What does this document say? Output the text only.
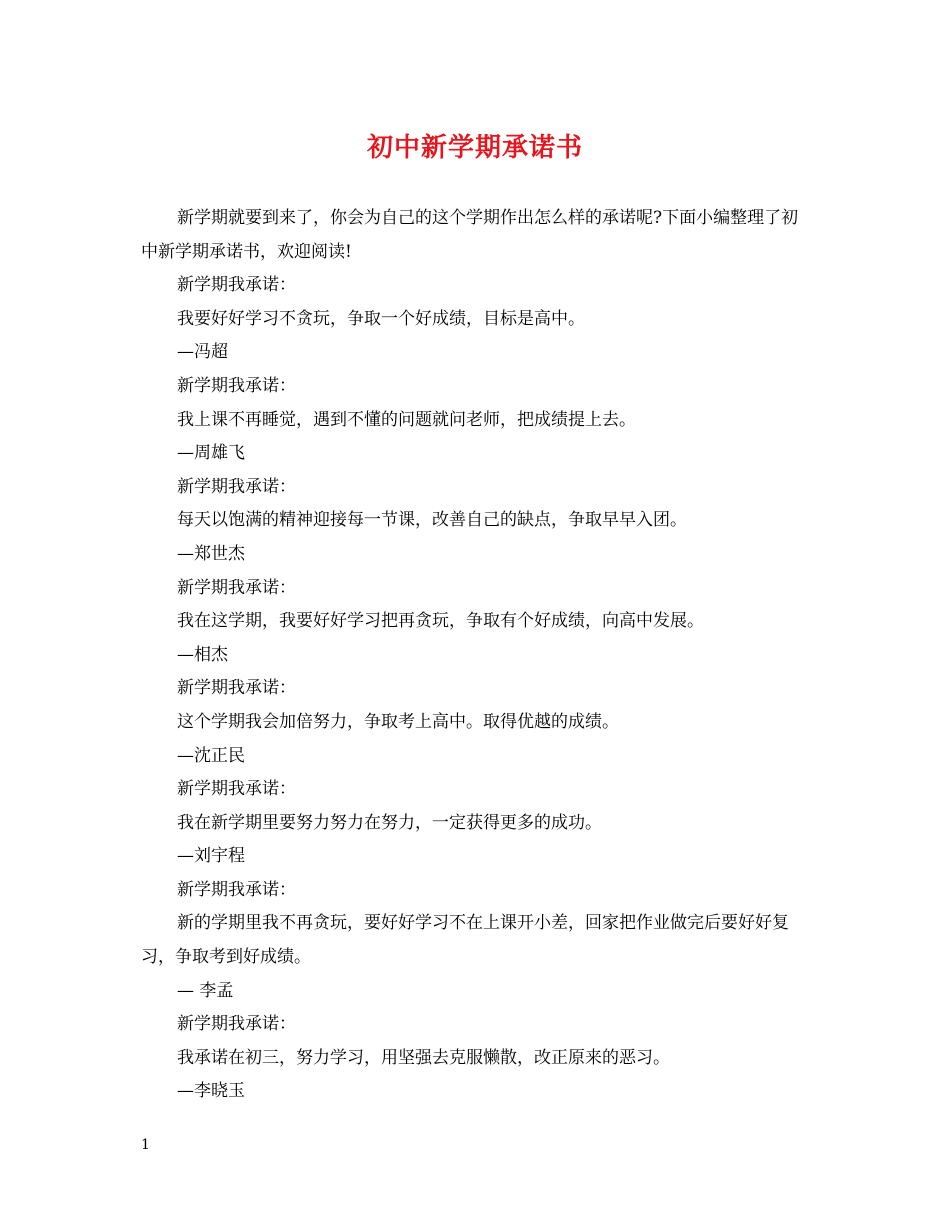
初中新学期承诺书

新学期就要到来了，你会为自己的这个学期作出怎么样的承诺呢?下面小编整理了初中新学期承诺书，欢迎阅读!

新学期我承诺：

我要好好学习不贪玩，争取一个好成绩，目标是高中。

—冯超

新学期我承诺：

我上课不再睡觉，遇到不懂的问题就问老师，把成绩提上去。

—周雄飞

新学期我承诺：

每天以饱满的精神迎接每一节课，改善自己的缺点，争取早早入团。

—郑世杰

新学期我承诺：

我在这学期，我要好好学习把再贪玩，争取有个好成绩，向高中发展。

—相杰

新学期我承诺：

这个学期我会加倍努力，争取考上高中。取得优越的成绩。

—沈正民

新学期我承诺：

我在新学期里要努力努力在努力，一定获得更多的成功。

—刘宇程

新学期我承诺：

新的学期里我不再贪玩，要好好学习不在上课开小差，回家把作业做完后要好好复习，争取考到好成绩。

— 李孟

新学期我承诺：

我承诺在初三，努力学习，用坚强去克服懒散，改正原来的恶习。

—李晓玉

1
